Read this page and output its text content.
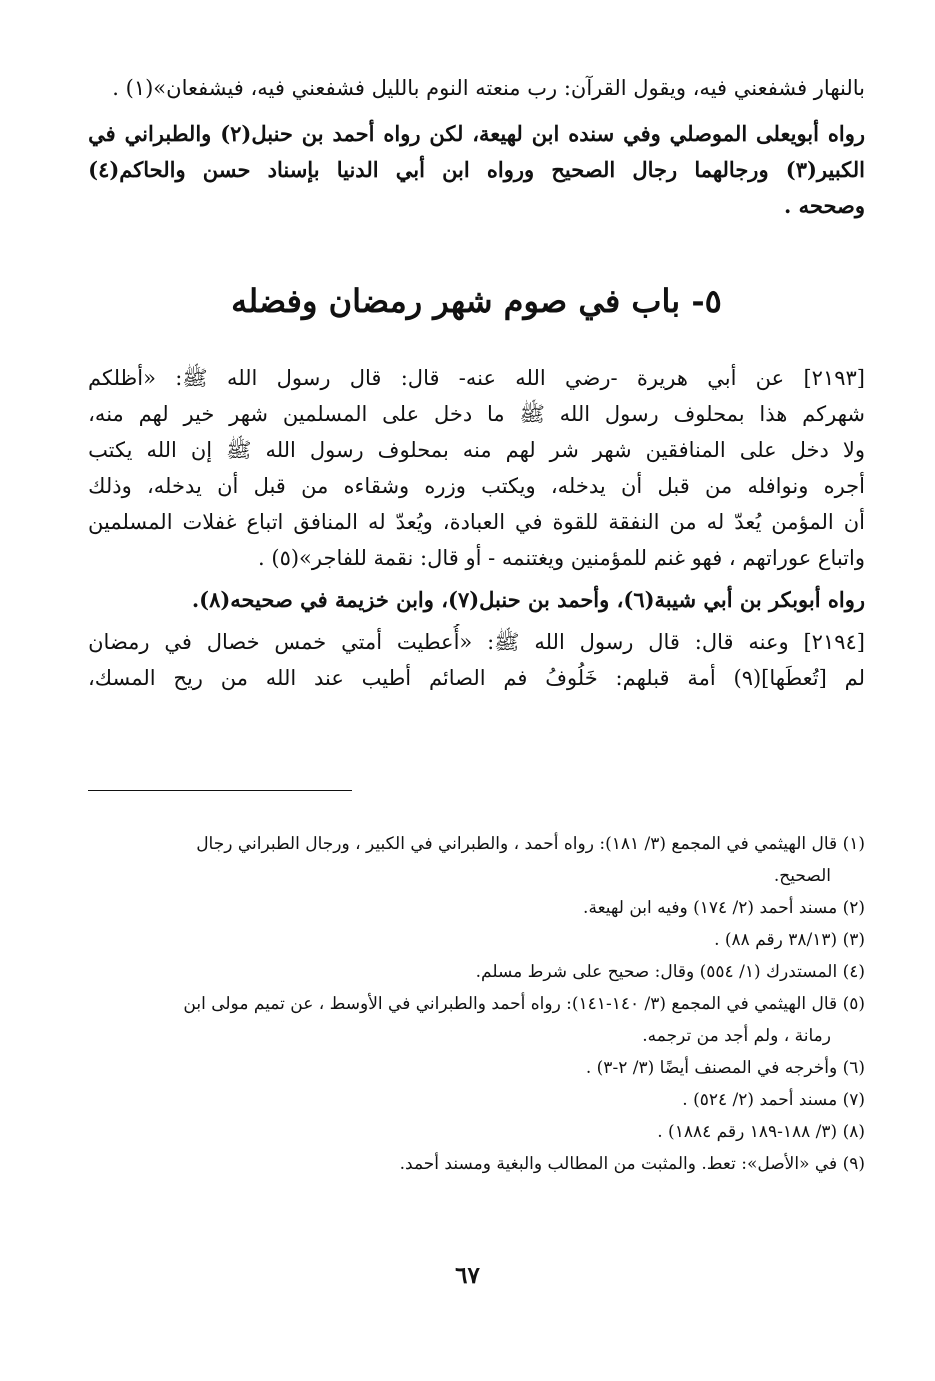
بالنهار فشفعني فيه، ويقول القرآن: رب منعته النوم بالليل فشفعني فيه، فيشفعان»(١) .
رواه
أبويعلى
الموصلي
وفي
سنده
ابن
لهيعة،
لكن
رواه
أحمد
بن
حنبل(٢)
والطبراني
في
الكبير(٣)
ورجالهما
رجال
الصحيح
ورواه
ابن
أبي
الدنيا
بإسناد
حسن
والحاكم(٤)
وصححه .
٥- باب في صوم شهر رمضان وفضله
[٢١٩٣]
عن
أبي
هريرة
-رضي
الله
عنه-
قال:
قال
رسول
الله
ﷺ:
«أظلكم
شهركم
هذا
بمحلوف
رسول
الله
ﷺ
ما
دخل
على
المسلمين
شهر
خير
لهم
منه،
ولا
دخل
على
المنافقين
شهر
شر
لهم
منه
بمحلوف
رسول
الله
ﷺ
إن
الله
يكتب
أجره
ونوافله
من
قبل
أن
يدخله،
ويكتب
وزره
وشقاءه
من
قبل
أن
يدخله،
وذلك
أن
المؤمن
يُعدّ
له
من
النفقة
للقوة
في
العبادة،
ويُعدّ
له
المنافق
اتباع
غفلات
المسلمين
واتباع عوراتهم ، فهو غنم للمؤمنين ويغتنمه - أو قال: نقمة للفاجر»(٥) .
رواه أبوبكر بن أبي شيبة(٦)، وأحمد بن حنبل(٧)، وابن خزيمة في صحيحه(٨).
[٢١٩٤]
وعنه
قال:
قال
رسول
الله
ﷺ:
«أُعطيت
أمتي
خمس
خصال
في
رمضان
لم
[تُعطَها](٩)
أمة
قبلهم:
خَلُوفُ
فم
الصائم
أطيب
عند
الله
من
ريح
المسك،
(١) قال الهيثمي في المجمع (٣/ ١٨١): رواه أحمد ، والطبراني في الكبير ، ورجال الطبراني رجال
الصحيح.
(٢) مسند أحمد (٢/ ١٧٤) وفيه ابن لهيعة.
(٣) (٣٨/١٣ رقم ٨٨) .
(٤) المستدرك (١/ ٥٥٤) وقال: صحيح على شرط مسلم.
(٥) قال الهيثمي في المجمع (٣/ ١٤٠-١٤١): رواه أحمد والطبراني في الأوسط ، عن تميم مولى ابن
رمانة ، ولم أجد من ترجمه.
(٦) وأخرجه في المصنف أيضًا (٣/ ٢-٣) .
(٧) مسند أحمد (٢/ ٥٢٤) .
(٨) (٣/ ١٨٨-١٨٩ رقم ١٨٨٤) .
(٩) في «الأصل»: تعط. والمثبت من المطالب والبغية ومسند أحمد.
٦٧
